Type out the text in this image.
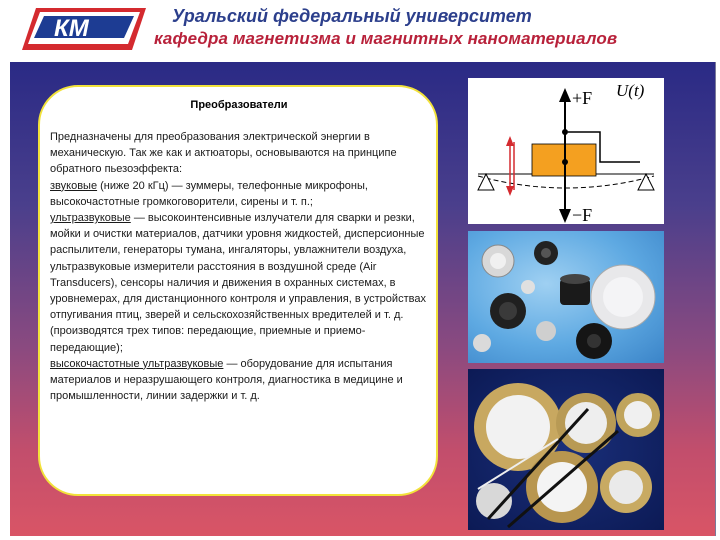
КМ	Уральский федеральный университет
кафедра магнетизма и магнитных наноматериалов
Преобразователи
Предназначены для преобразования электрической энергии в механическую. Так же как и актюаторы, основываются на принципе обратного пьезоэффекта:
звуковые (ниже 20 кГц) — зуммеры, телефонные микрофоны, высокочастотные громкоговорители, сирены и т. п.;
ультразвуковые — высокоинтенсивные излучатели для сварки и резки, мойки и очистки материалов, датчики уровня жидкостей, дисперсионные распылители, генераторы тумана, ингаляторы, увлажнители воздуха, ультразвуковые измерители расстояния в воздушной среде (Air Transducers), сенсоры наличия и движения в охранных системах, в уровнемерах, для дистанционного контроля и управления, в устройствах отпугивания птиц, зверей и сельскохозяйственных вредителей и т. д. (производятся трех типов: передающие, приемные и приемо-передающие);
высокочастотные ультразвуковые — оборудование для испытания материалов и неразрушающего контроля, диагностика в медицине и промышленности, линии задержки и т. д.
+F
−F
U(t)
